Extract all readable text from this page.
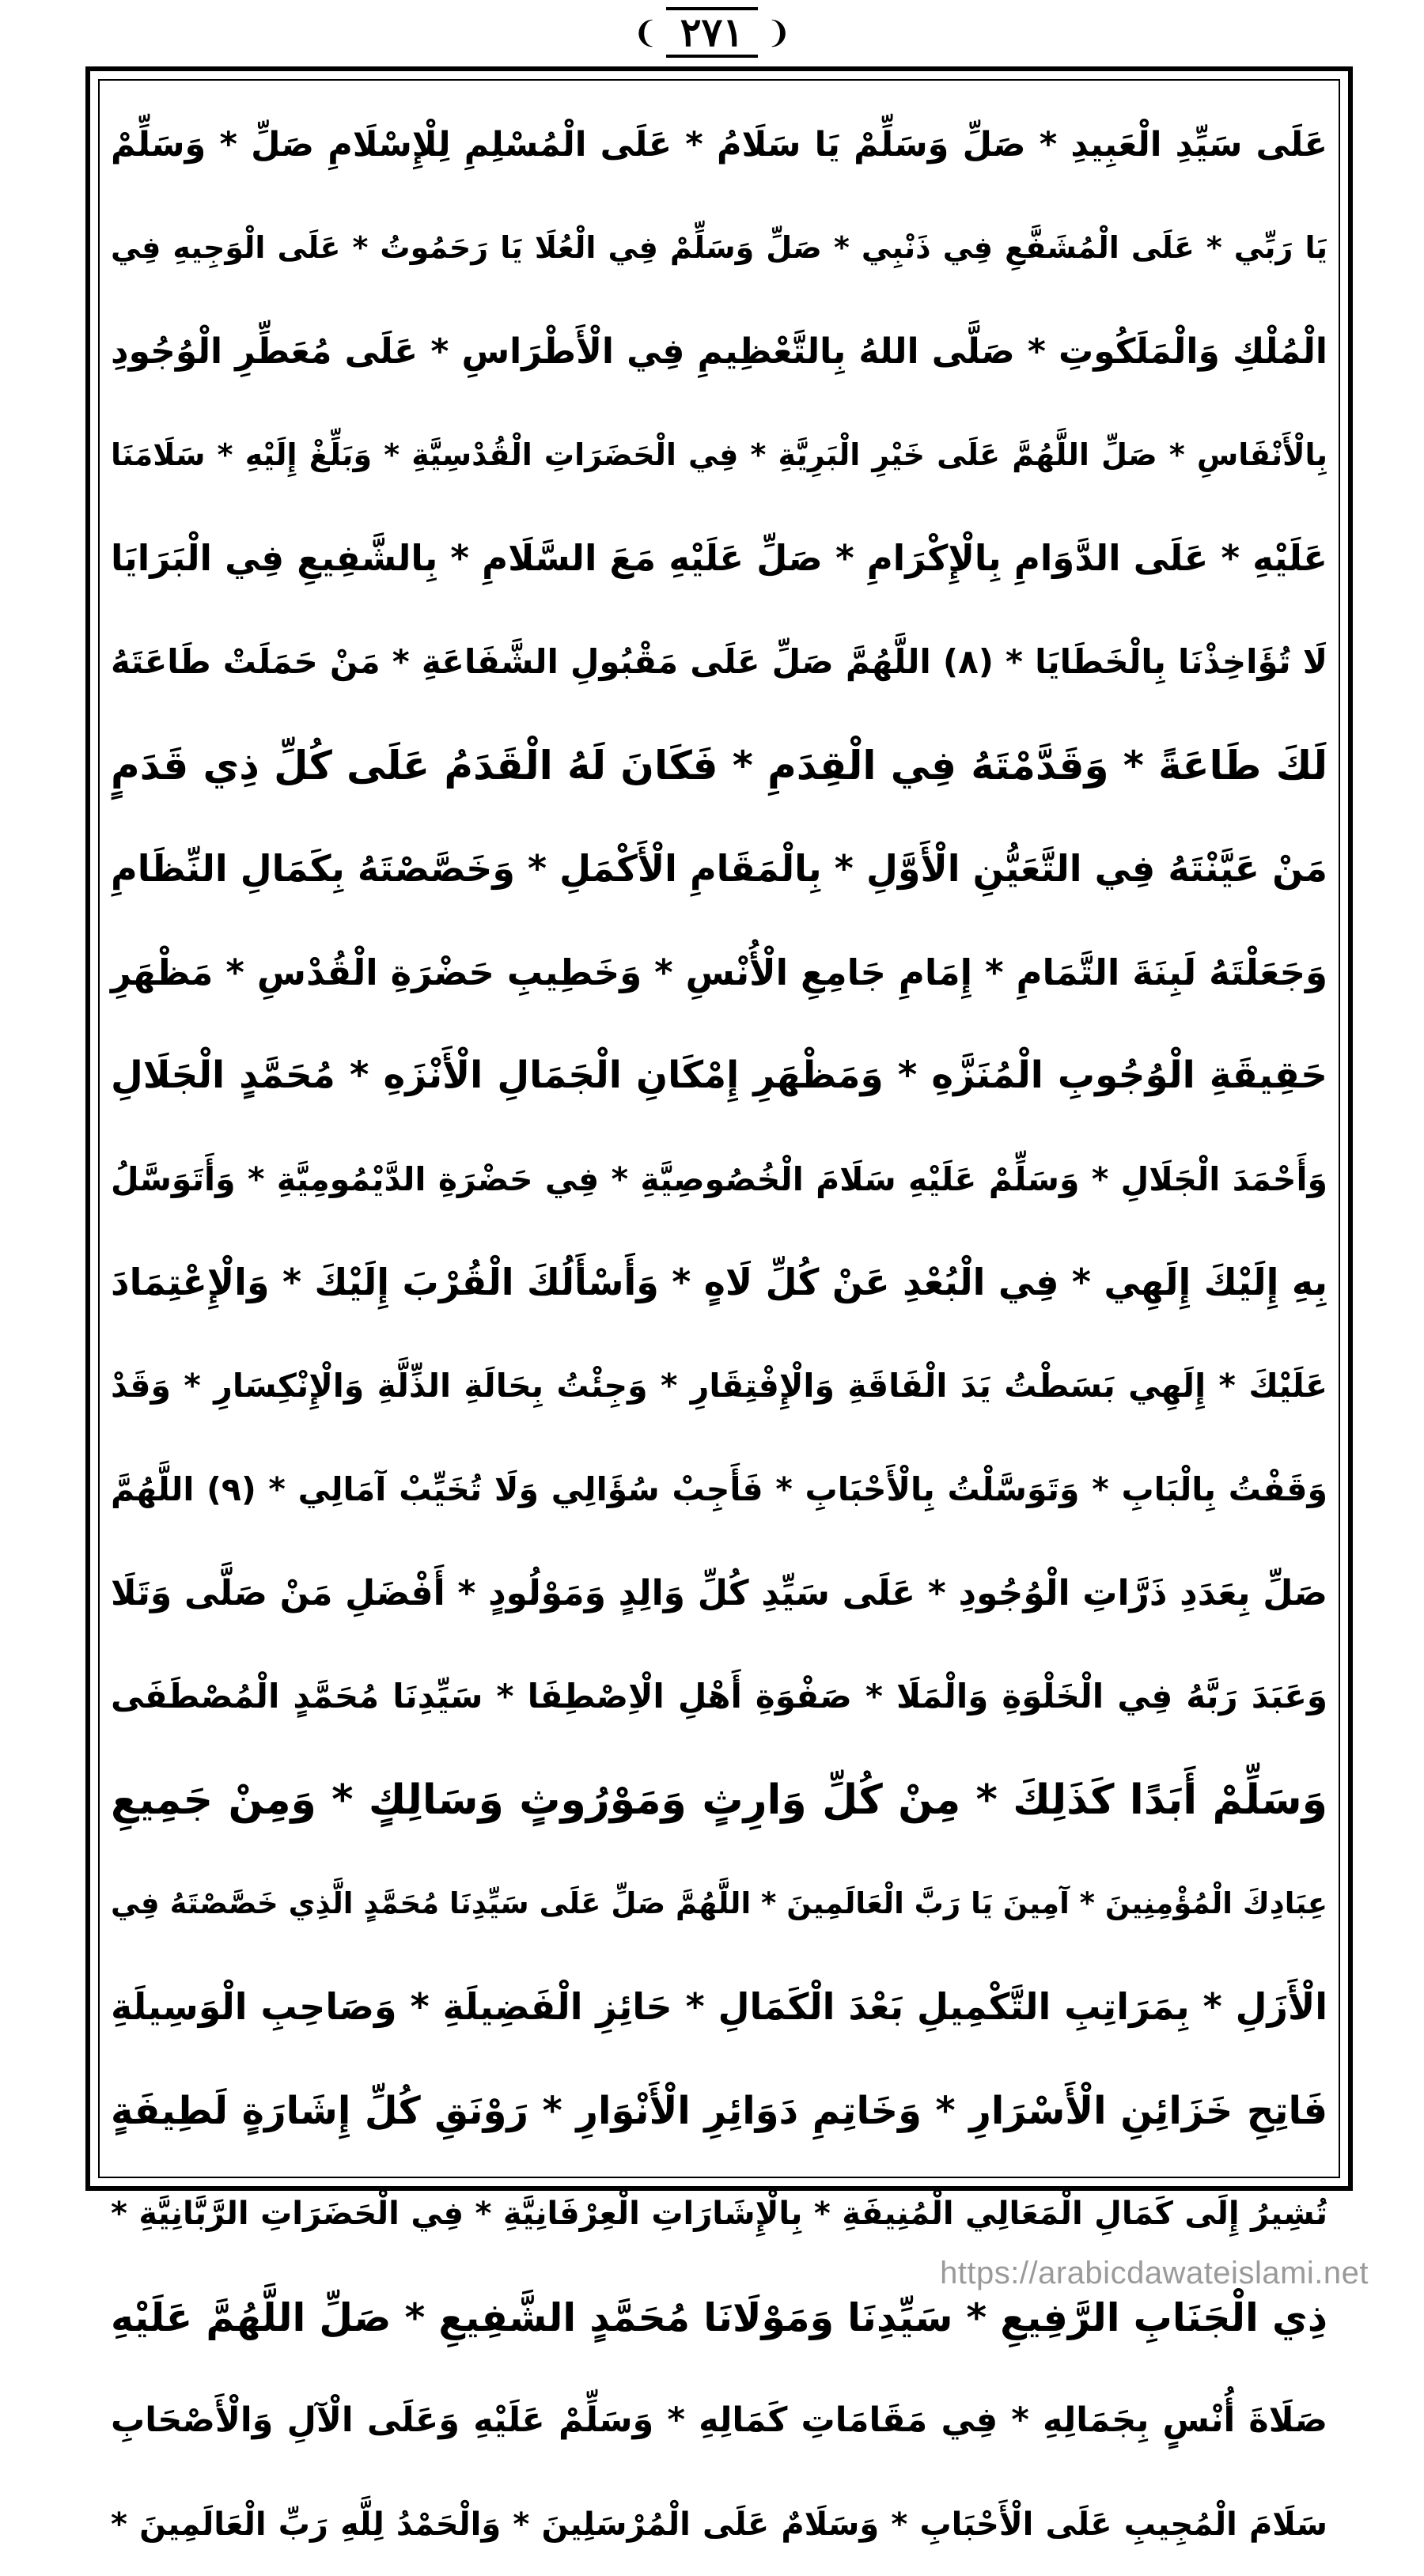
❨ ٢٧١ ❩
عَلَى سَيِّدِ الْعَبِيدِ * صَلِّ وَسَلِّمْ يَا سَلَامُ * عَلَى الْمُسْلِمِ لِلْإِسْلَامِ صَلِّ * وَسَلِّمْ
يَا رَبِّي * عَلَى الْمُشَفَّعِ فِي ذَنْبِي * صَلِّ وَسَلِّمْ فِي الْعُلَا يَا رَحَمُوتُ * عَلَى الْوَجِيهِ فِي
الْمُلْكِ وَالْمَلَكُوتِ * صَلَّى اللهُ بِالتَّعْظِيمِ فِي الْأَطْرَاسِ * عَلَى مُعَطِّرِ الْوُجُودِ
بِالْأَنْفَاسِ * صَلِّ اللَّهُمَّ عَلَى خَيْرِ الْبَرِيَّةِ * فِي الْحَضَرَاتِ الْقُدْسِيَّةِ * وَبَلِّغْ إِلَيْهِ * سَلَامَنَا
عَلَيْهِ * عَلَى الدَّوَامِ بِالْإِكْرَامِ * صَلِّ عَلَيْهِ مَعَ السَّلَامِ * بِالشَّفِيعِ فِي الْبَرَايَا
لَا تُؤَاخِذْنَا بِالْخَطَايَا * (٨) اللَّهُمَّ صَلِّ عَلَى مَقْبُولِ الشَّفَاعَةِ * مَنْ حَمَلَتْ طَاعَتَهُ
لَكَ طَاعَةً * وَقَدَّمْتَهُ فِي الْقِدَمِ * فَكَانَ لَهُ الْقَدَمُ عَلَى كُلِّ ذِي قَدَمٍ
مَنْ عَيَّنْتَهُ فِي التَّعَيُّنِ الْأَوَّلِ * بِالْمَقَامِ الْأَكْمَلِ * وَخَصَّصْتَهُ بِكَمَالِ النِّظَامِ
وَجَعَلْتَهُ لَبِنَةَ التَّمَامِ * إِمَامِ جَامِعِ الْأُنْسِ * وَخَطِيبِ حَضْرَةِ الْقُدْسِ * مَظْهَرِ
حَقِيقَةِ الْوُجُوبِ الْمُنَزَّهِ * وَمَظْهَرِ إِمْكَانِ الْجَمَالِ الْأَنْزَهِ * مُحَمَّدٍ الْجَلَالِ
وَأَحْمَدَ الْجَلَالِ * وَسَلِّمْ عَلَيْهِ سَلَامَ الْخُصُوصِيَّةِ * فِي حَضْرَةِ الدَّيْمُومِيَّةِ * وَأَتَوَسَّلُ
بِهِ إِلَيْكَ إِلَهِي * فِي الْبُعْدِ عَنْ كُلِّ لَاهٍ * وَأَسْأَلُكَ الْقُرْبَ إِلَيْكَ * وَالْإِعْتِمَادَ
عَلَيْكَ * إِلَهِي بَسَطْتُ يَدَ الْفَاقَةِ وَالْإِفْتِقَارِ * وَجِئْتُ بِحَالَةِ الذِّلَّةِ وَالْإِنْكِسَارِ * وَقَدْ
وَقَفْتُ بِالْبَابِ * وَتَوَسَّلْتُ بِالْأَحْبَابِ * فَأَجِبْ سُؤَالِي وَلَا تُخَيِّبْ آمَالِي * (٩) اللَّهُمَّ
صَلِّ بِعَدَدِ ذَرَّاتِ الْوُجُودِ * عَلَى سَيِّدِ كُلِّ وَالِدٍ وَمَوْلُودٍ * أَفْضَلِ مَنْ صَلَّى وَتَلَا
وَعَبَدَ رَبَّهُ فِي الْخَلْوَةِ وَالْمَلَا * صَفْوَةِ أَهْلِ الْاِصْطِفَا * سَيِّدِنَا مُحَمَّدٍ الْمُصْطَفَى
وَسَلِّمْ أَبَدًا كَذَلِكَ * مِنْ كُلِّ وَارِثٍ وَمَوْرُوثٍ وَسَالِكٍ * وَمِنْ جَمِيعِ
عِبَادِكَ الْمُؤْمِنِينَ * آمِينَ يَا رَبَّ الْعَالَمِينَ * اللَّهُمَّ صَلِّ عَلَى سَيِّدِنَا مُحَمَّدٍ الَّذِي خَصَّصْتَهُ فِي
الْأَزَلِ * بِمَرَاتِبِ التَّكْمِيلِ بَعْدَ الْكَمَالِ * حَائِزِ الْفَضِيلَةِ * وَصَاحِبِ الْوَسِيلَةِ
فَاتِحِ خَزَائِنِ الْأَسْرَارِ * وَخَاتِمِ دَوَائِرِ الْأَنْوَارِ * رَوْنَقِ كُلِّ إِشَارَةٍ لَطِيفَةٍ
تُشِيرُ إِلَى كَمَالِ الْمَعَالِي الْمُنِيفَةِ * بِالْإِشَارَاتِ الْعِرْفَانِيَّةِ * فِي الْحَضَرَاتِ الرَّبَّانِيَّةِ *
ذِي الْجَنَابِ الرَّفِيعِ * سَيِّدِنَا وَمَوْلَانَا مُحَمَّدٍ الشَّفِيعِ * صَلِّ اللَّهُمَّ عَلَيْهِ
صَلَاةَ أُنْسٍ بِجَمَالِهِ * فِي مَقَامَاتِ كَمَالِهِ * وَسَلِّمْ عَلَيْهِ وَعَلَى الْآلِ وَالْأَصْحَابِ
سَلَامَ الْمُجِيبِ عَلَى الْأَحْبَابِ * وَسَلَامٌ عَلَى الْمُرْسَلِينَ * وَالْحَمْدُ لِلَّهِ رَبِّ الْعَالَمِينَ *
https://arabicdawateislami.net
